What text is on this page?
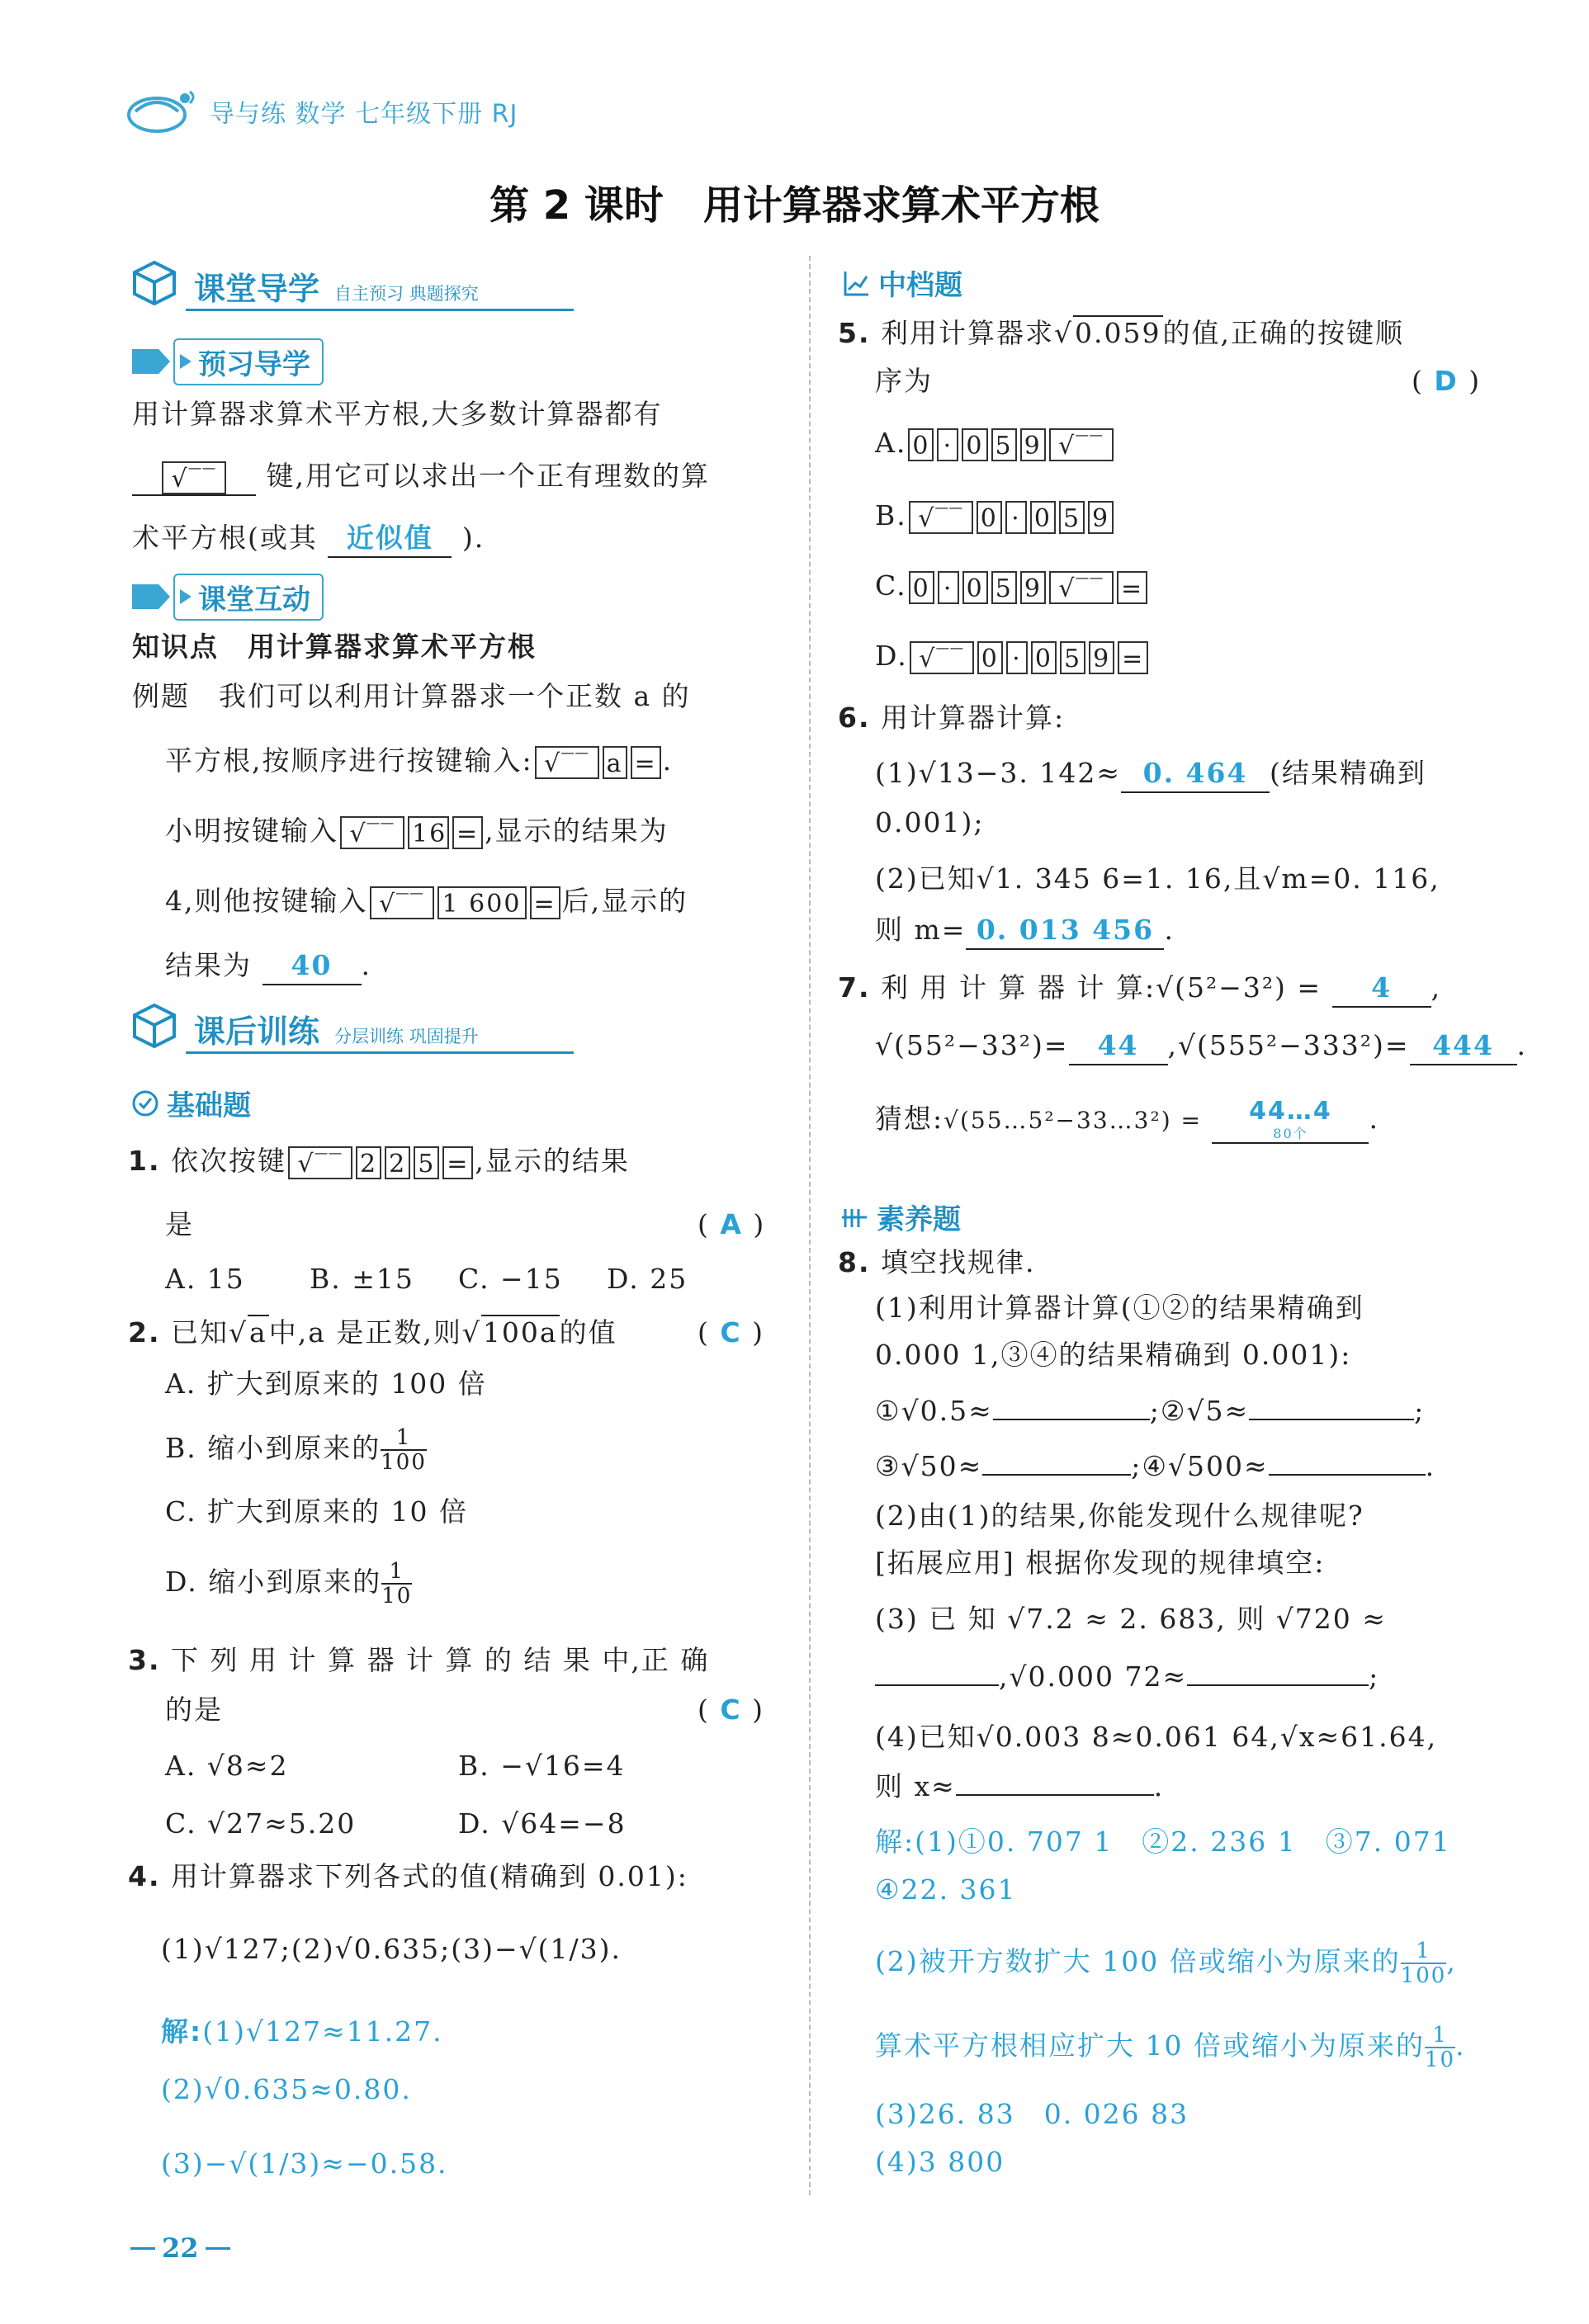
导与练 数学 七年级下册 RJ
第 2 课时　用计算器求算术平方根
课堂导学 自主预习 典题探究
预习导学
用计算器求算术平方根,大多数计算器都有
√‾‾ 键,用它可以求出一个正有理数的算
术平方根(或其 近似值 ).
课堂互动
知识点　用计算器求算术平方根
例题　我们可以利用计算器求一个正数 a 的
平方根,按顺序进行按键输入: √‾‾ a = .
小明按键输入 √‾‾ 16 = ,显示的结果为
4,则他按键输入 √‾‾ 1 600 = 后,显示的
结果为 40 .
课后训练 分层训练 巩固提升
基础题
1. 依次按键 √‾‾ 2 2 5 = ,显示的结果
是	( A )
A. 15 B. ±15 C. −15 D. 25
2. 已知√a中,a 是正数,则√100a的值	( C )
A. 扩大到原来的 100 倍
B. 缩小到原来的 $\frac{1}{100}$
C. 扩大到原来的 10 倍
D. 缩小到原来的 $\frac{1}{10}$
3. 下 列 用 计 算 器 计 算 的 结 果 中,正 确
的是	( C )
A. √8≈2	B. −√16=4
C. √27≈5.20	D. √64=−8
4. 用计算器求下列各式的值(精确到 0.01):
(1)√127;(2)√0.635;(3)−√(1/3).
解:(1)√127≈11.27.
(2)√0.635≈0.80.
(3)−√(1/3)≈−0.58.
中档题
5. 利用计算器求√0.059的值,正确的按键顺
序为	( D )
A. 0 · 0 5 9 √‾‾
B. √‾‾ 0 · 0 5 9
C. 0 · 0 5 9 √‾‾ =
D. √‾‾ 0 · 0 5 9 =
6. 用计算器计算:
(1)√13−3. 142≈ 0. 464 (结果精确到
0.001);
(2)已知√1. 345 6=1. 16,且√m=0. 116,
则 m= 0. 013 456 .
7. 利 用 计 算 器 计 算:√(5²−3²) = 4 ,
√(55²−33²)= 44 ,√(555²−333²)= 444 .
猜想:√(55…5²−33…3²) =	44…4
80个	.
素养题
8. 填空找规律.
(1)利用计算器计算(①②的结果精确到
0.000 1,③④的结果精确到 0.001):
①√0.5≈	;②√5≈	;
③√50≈	;④√500≈	.
(2)由(1)的结果,你能发现什么规律呢?
[拓展应用] 根据你发现的规律填空:
(3) 已 知 √7.2 ≈ 2. 683, 则 √720 ≈
,√0.000 72≈	;
(4)已知√0.003 8≈0.061 64,√x≈61.64,
则 x≈	.
解:(1)①0. 707 1　②2. 236 1　③7. 071
④22. 361
(2)被开方数扩大 100 倍或缩小为原来的 $\frac{1}{100}$ ,
算术平方根相应扩大 10 倍或缩小为原来的 $\frac{1}{10}$ .
(3)26. 83　0. 026 83
(4)3 800
22
